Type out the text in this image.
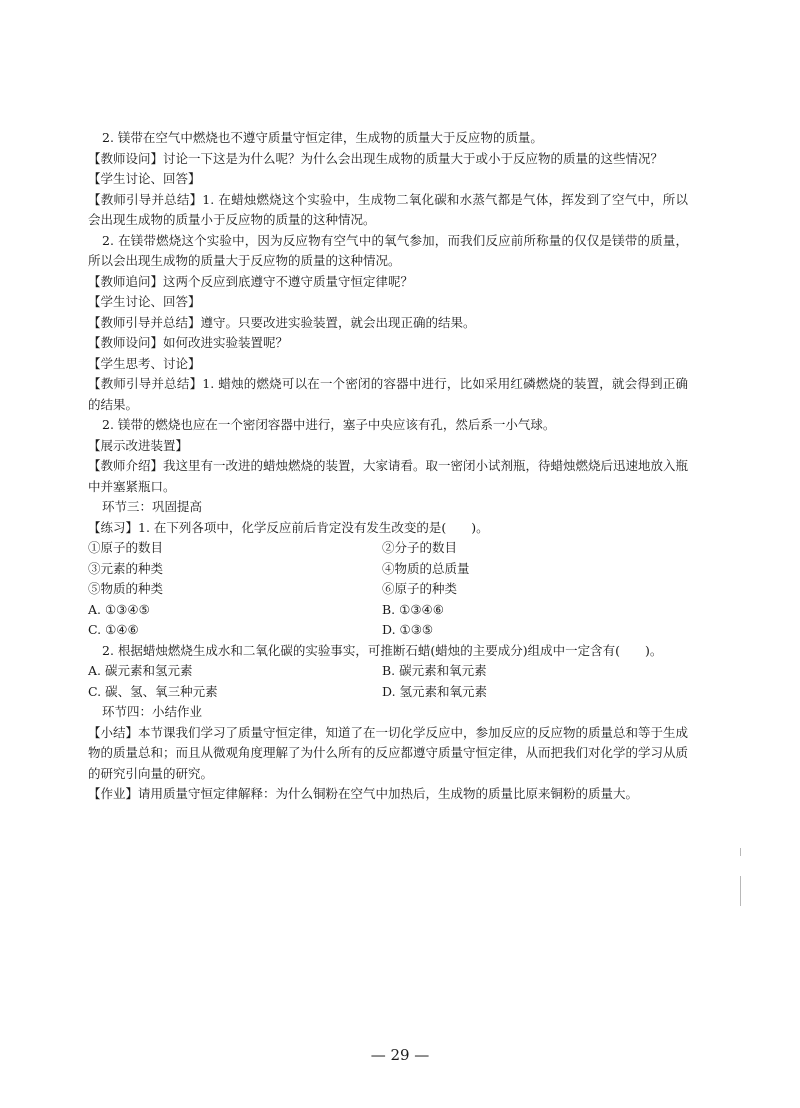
2. 镁带在空气中燃烧也不遵守质量守恒定律，生成物的质量大于反应物的质量。
【教师设问】讨论一下这是为什么呢？为什么会出现生成物的质量大于或小于反应物的质量的这些情况？
【学生讨论、回答】
【教师引导并总结】1. 在蜡烛燃烧这个实验中，生成物二氧化碳和水蒸气都是气体，挥发到了空气中，所以会出现生成物的质量小于反应物的质量的这种情况。
2. 在镁带燃烧这个实验中，因为反应物有空气中的氧气参加，而我们反应前所称量的仅仅是镁带的质量，所以会出现生成物的质量大于反应物的质量的这种情况。
【教师追问】这两个反应到底遵守不遵守质量守恒定律呢？
【学生讨论、回答】
【教师引导并总结】遵守。只要改进实验装置，就会出现正确的结果。
【教师设问】如何改进实验装置呢？
【学生思考、讨论】
【教师引导并总结】1. 蜡烛的燃烧可以在一个密闭的容器中进行，比如采用红磷燃烧的装置，就会得到正确的结果。
2. 镁带的燃烧也应在一个密闭容器中进行，塞子中央应该有孔，然后系一小气球。
【展示改进装置】
【教师介绍】我这里有一改进的蜡烛燃烧的装置，大家请看。取一密闭小试剂瓶，待蜡烛燃烧后迅速地放入瓶中并塞紧瓶口。
环节三：巩固提高
【练习】1. 在下列各项中，化学反应前后肯定没有发生改变的是(　　)。
①原子的数目	②分子的数目
③元素的种类	④物质的总质量
⑤物质的种类	⑥原子的种类
A. ①③④⑤	B. ①③④⑥
C. ①④⑥	D. ①③⑤
2. 根据蜡烛燃烧生成水和二氧化碳的实验事实，可推断石蜡(蜡烛的主要成分)组成中一定含有(　　)。
A. 碳元素和氢元素	B. 碳元素和氧元素
C. 碳、氢、氧三种元素	D. 氢元素和氧元素
环节四：小结作业
【小结】本节课我们学习了质量守恒定律，知道了在一切化学反应中，参加反应的反应物的质量总和等于生成物的质量总和；而且从微观角度理解了为什么所有的反应都遵守质量守恒定律，从而把我们对化学的学习从质的研究引向量的研究。
【作业】请用质量守恒定律解释：为什么铜粉在空气中加热后，生成物的质量比原来铜粉的质量大。
— 29 —
